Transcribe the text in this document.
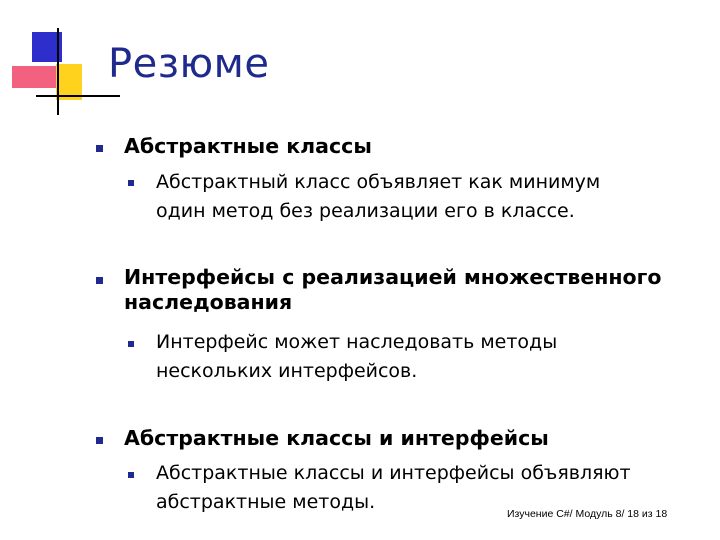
Резюме
Абстрактные классы
Абстрактный класс объявляет как минимум
один метод без реализации его в классе.
Интерфейсы с реализацией множественного
наследования
Интерфейс может наследовать методы
нескольких интерфейсов.
Абстрактные классы и интерфейсы
Абстрактные классы и интерфейсы объявляют
абстрактные методы.
Изучение C#/ Модуль 8/ 18 из 18
